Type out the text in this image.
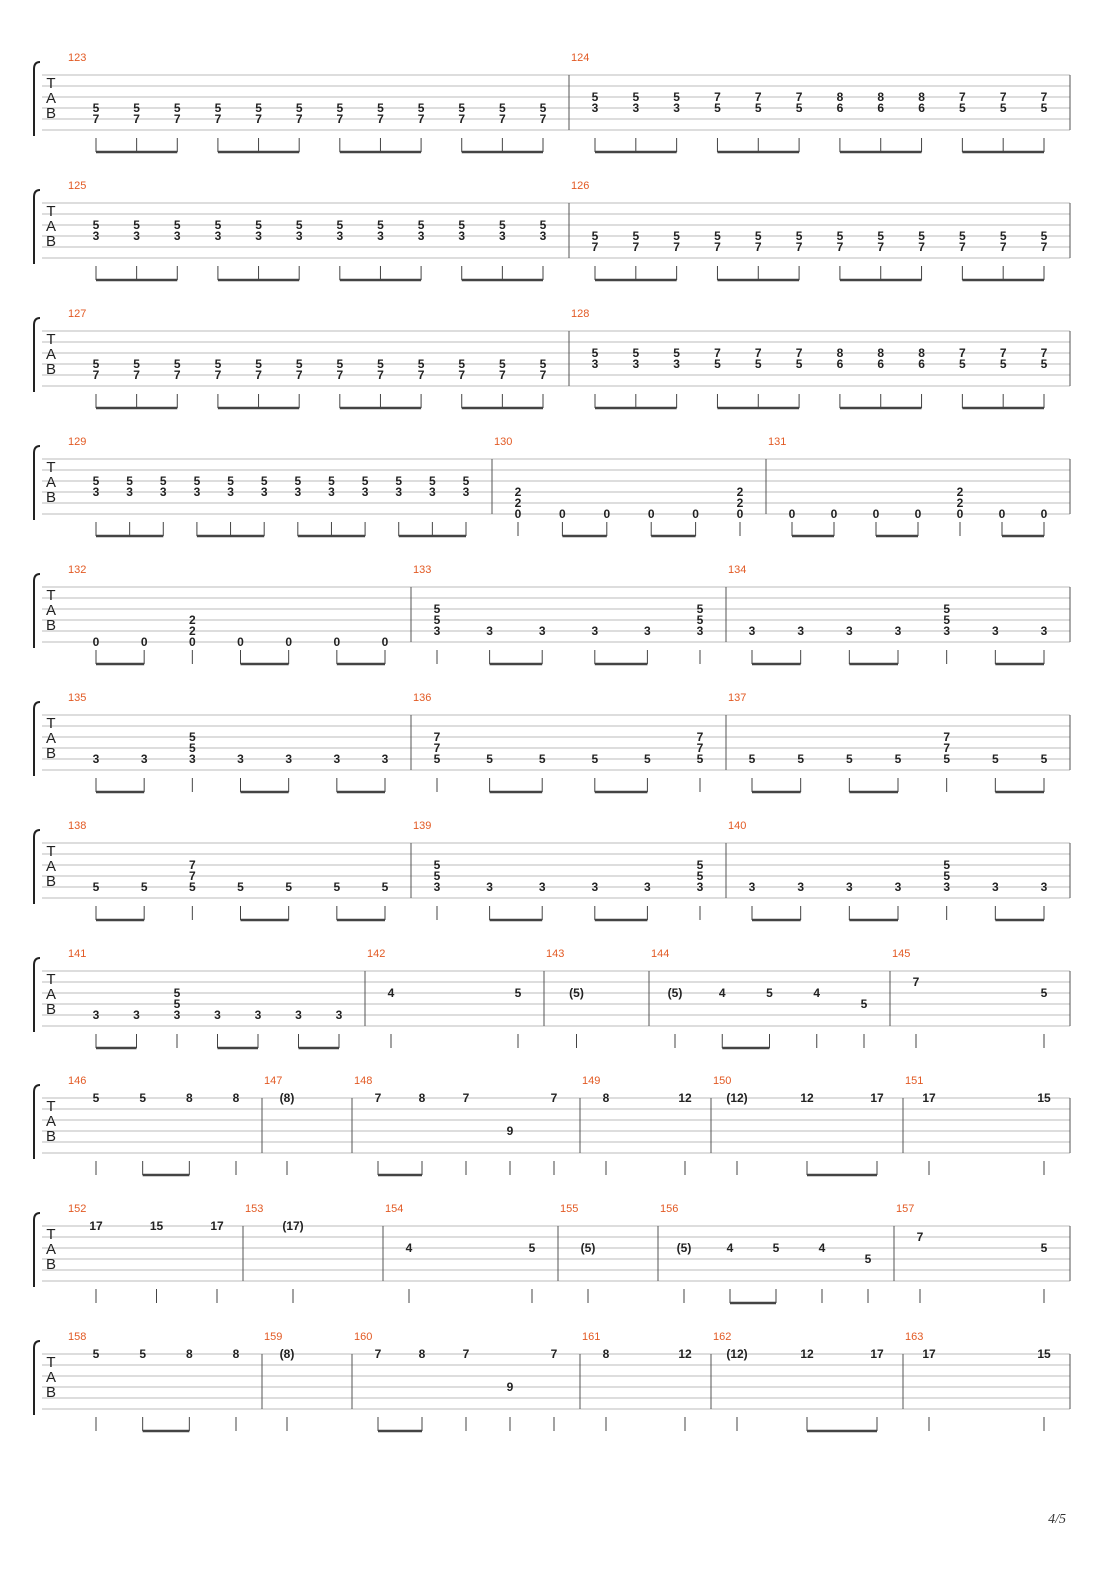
T
A
B
123
5
7
5
7
5
7
5
7
5
7
5
7
5
7
5
7
5
7
5
7
5
7
5
7
124
3
5
3
5
3
5
5
7
5
7
5
7
6
8
6
8
6
8
5
7
5
7
5
7
T
A
B
125
3
5
3
5
3
5
3
5
3
5
3
5
3
5
3
5
3
5
3
5
3
5
3
5
126
5
7
5
7
5
7
5
7
5
7
5
7
5
7
5
7
5
7
5
7
5
7
5
7
T
A
B
127
5
7
5
7
5
7
5
7
5
7
5
7
5
7
5
7
5
7
5
7
5
7
5
7
128
3
5
3
5
3
5
5
7
5
7
5
7
6
8
6
8
6
8
5
7
5
7
5
7
T
A
B
129
3
5
3
5
3
5
3
5
3
5
3
5
3
5
3
5
3
5
3
5
3
5
3
5
130
0
2
2
0	0	0	0	0
2
2
131
0	0	0	0	0
2
2
0	0
T
A
B
132
0	0	0
2
2
0	0	0	0
133
3
5
5
3	3	3	3	3
5
5
134
3	3	3	3	3
5
5
3	3
T
A
B
135
3	3	3
5
5
3	3	3	3
136
5
7
7
5	5	5	5	5
7
7
137
5	5	5	5	5
7
7
5	5
T
A
B
138
5	5	5
7
7
5	5	5	5
139
3
5
5
3	3	3	3	3
5
5
140
3	3	3	3	3
5
5
3	3
T
A
B
141
3	3	3
5
5
3	3	3	3
142
4	5
143
(5)
144
(5)	4	5	4
5
145
7
5
T
A
B
146
5	5	8	8
147
(8)
148
7	8	7
9
7
149
8	12
150
(12)	12	17
151
17	15
T
A
B
152
17	15	17
153
(17)
154
4	5
155
(5)
156
(5)	4	5	4
5
157
7
5
T
A
B
158
5	5	8	8
159
(8)
160
7	8	7
9
7
161
8	12
162
(12)	12	17
163
17	15
4/5
